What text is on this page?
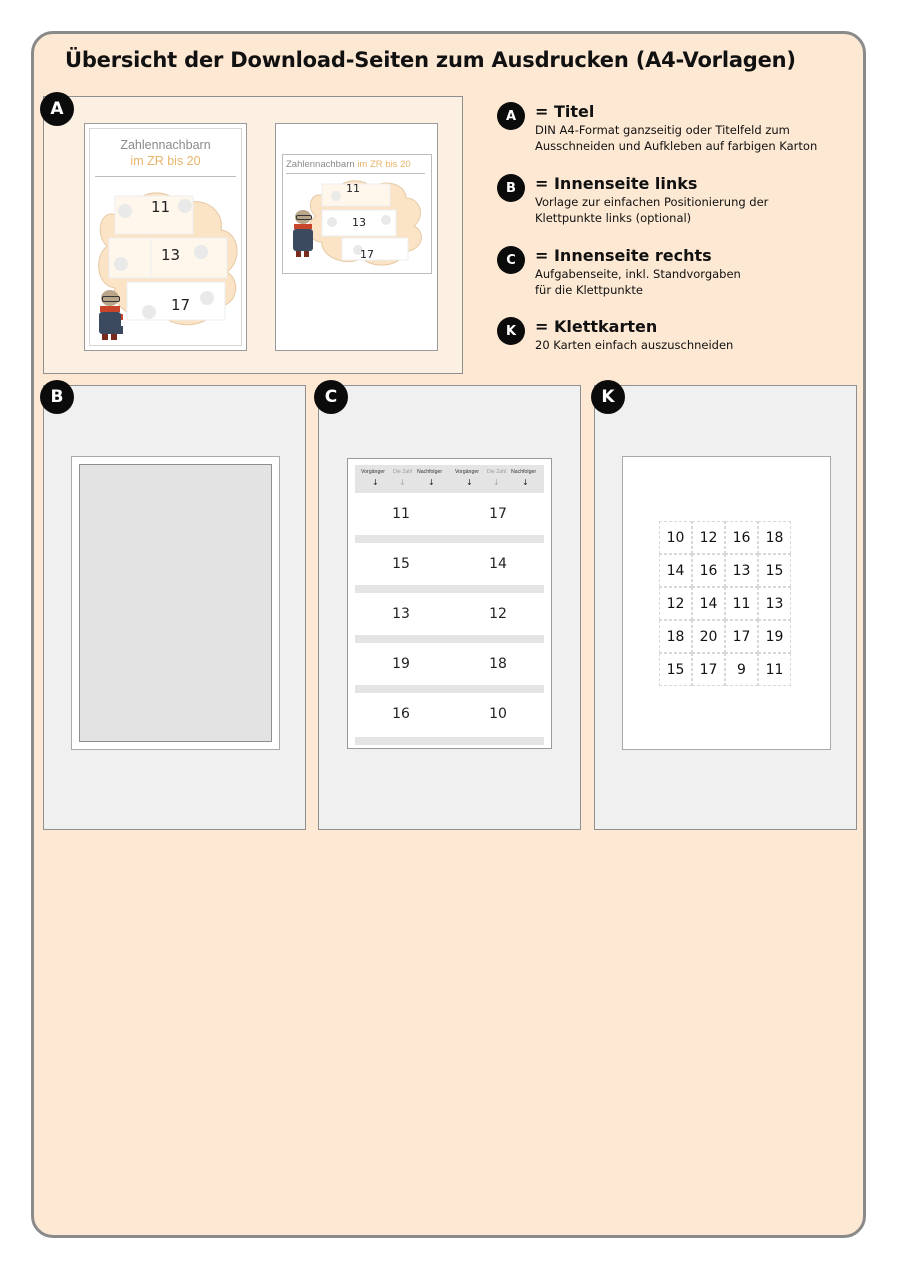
Übersicht der Download-Seiten zum Ausdrucken (A4-Vorlagen)
Zahlennachbarn
im ZR bis 20
11
13
17
Zahlennachbarn im ZR bis 20
11
13
17
A	A	= Titel
DIN A4-Format ganzseitig oder Titelfeld zum Ausschneiden und Aufkleben auf farbigen Karton
B	= Innenseite links
Vorlage zur einfachen Positionierung der Klettpunkte links (optional)
C	= Innenseite rechts
Aufgabenseite, inkl. Standvorgaben für die Klettpunkte
K	= Klettkarten
20 Karten einfach auszuschneiden
B
Vorgänger Die Zahl Nachfolger Vorgänger Die Zahl Nachfolger
↓	↓	↓	↓	↓	↓
11	17
15	14
13	12
19	18
16	10
C
10	12	16	18
14	16	13	15
12	14	11	13
18	20	17	19
15	17	9	11
K
